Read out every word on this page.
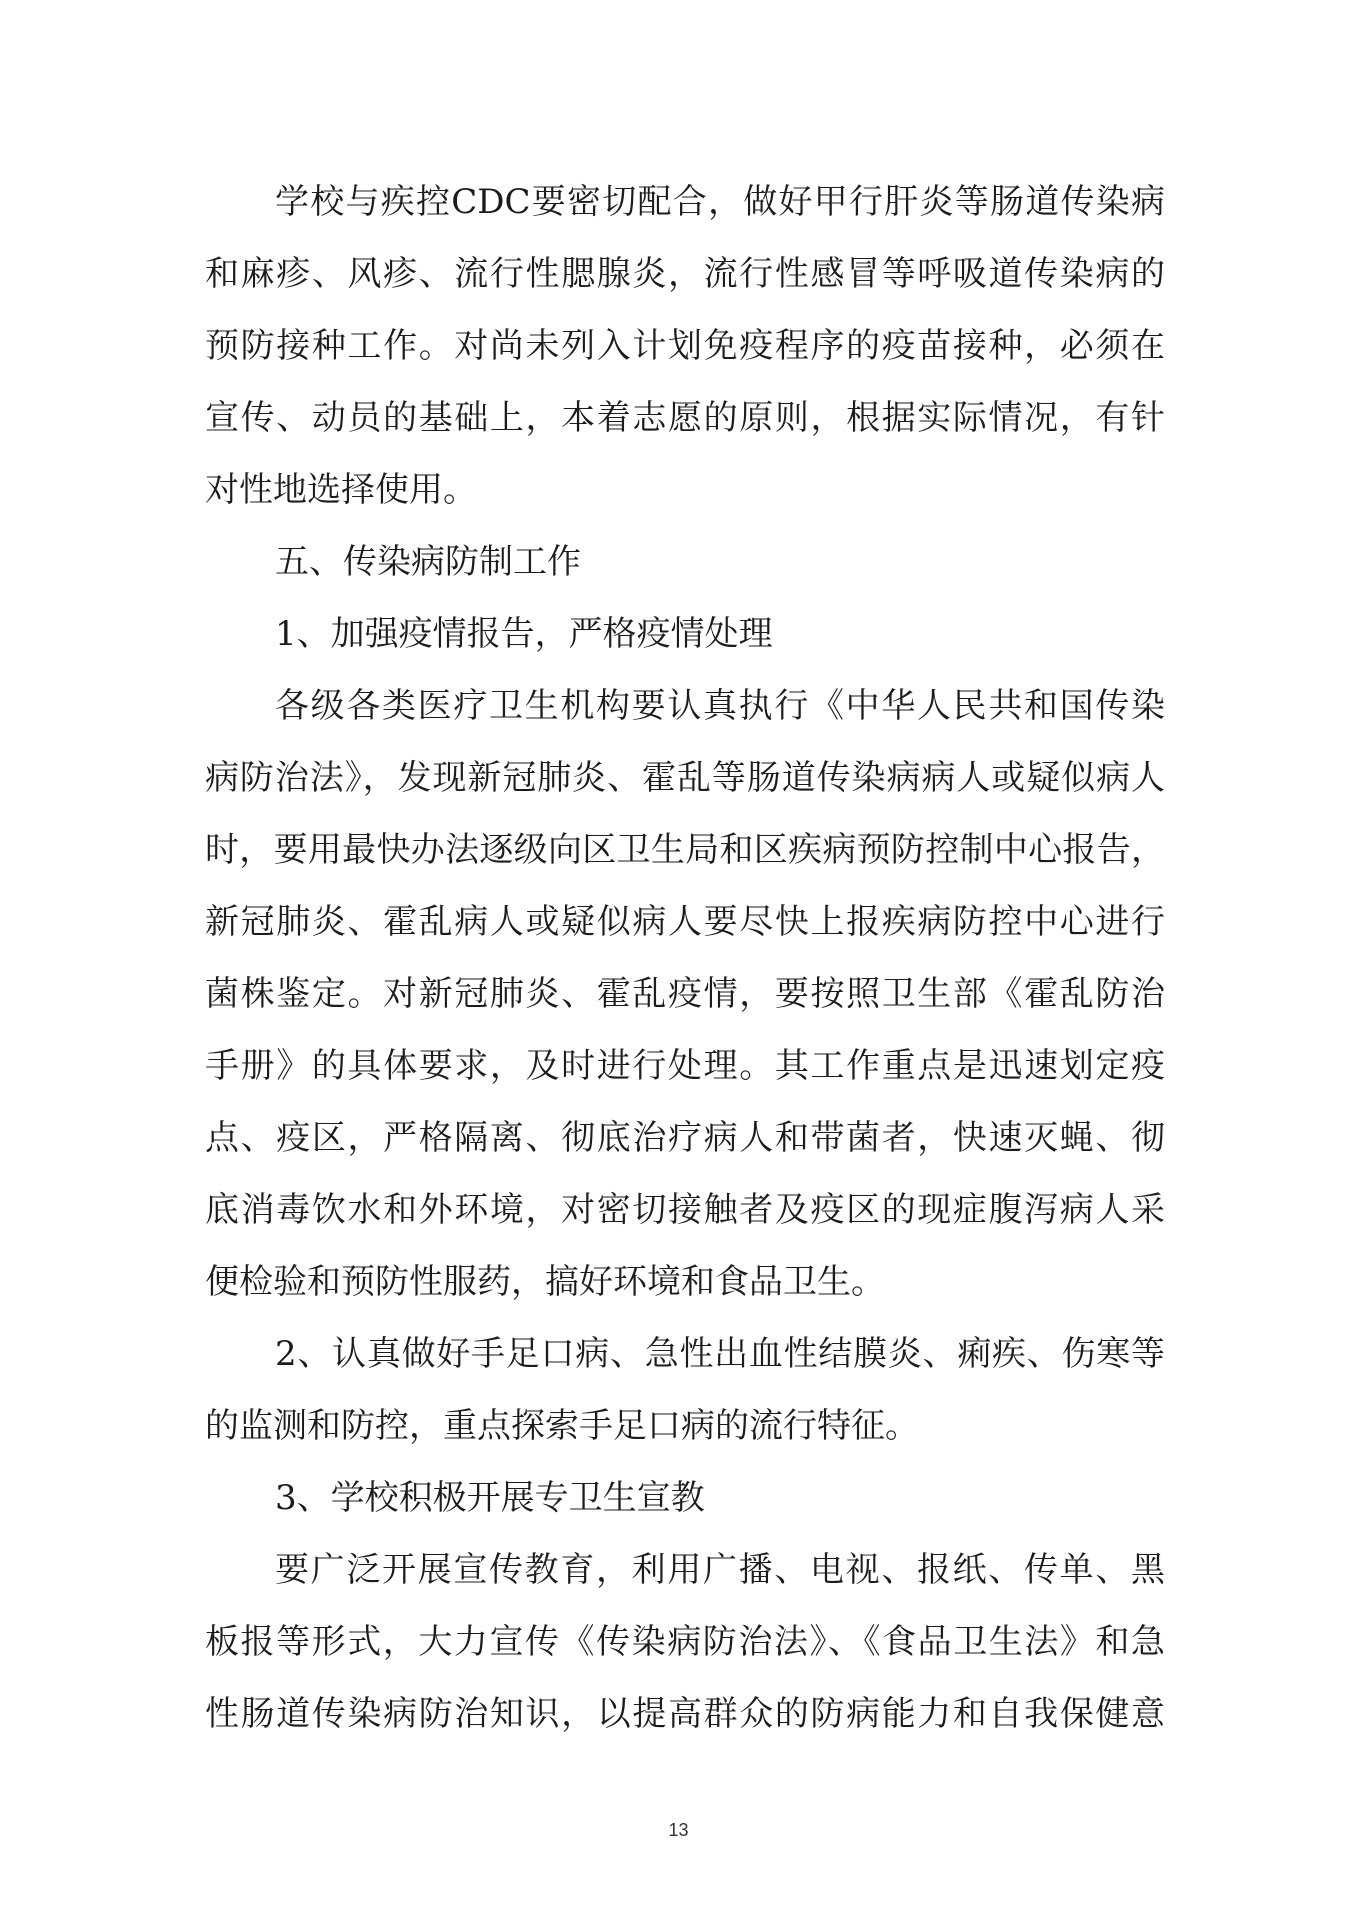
学校与疾控CDC要密切配合，做好甲行肝炎等肠道传染病

和麻疹、风疹、流行性腮腺炎，流行性感冒等呼吸道传染病的

预防接种工作。对尚未列入计划免疫程序的疫苗接种，必须在

宣传、动员的基础上，本着志愿的原则，根据实际情况，有针

对性地选择使用。

五、传染病防制工作

1、加强疫情报告，严格疫情处理

各级各类医疗卫生机构要认真执行《中华人民共和国传染

病防治法》，发现新冠肺炎、霍乱等肠道传染病病人或疑似病人

时，要用最快办法逐级向区卫生局和区疾病预防控制中心报告，

新冠肺炎、霍乱病人或疑似病人要尽快上报疾病防控中心进行

菌株鉴定。对新冠肺炎、霍乱疫情，要按照卫生部《霍乱防治

手册》的具体要求，及时进行处理。其工作重点是迅速划定疫

点、疫区，严格隔离、彻底治疗病人和带菌者，快速灭蝇、彻

底消毒饮水和外环境，对密切接触者及疫区的现症腹泻病人采

便检验和预防性服药，搞好环境和食品卫生。

2、认真做好手足口病、急性出血性结膜炎、痢疾、伤寒等

的监测和防控，重点探索手足口病的流行特征。

3、学校积极开展专卫生宣教

要广泛开展宣传教育，利用广播、电视、报纸、传单、黑

板报等形式，大力宣传《传染病防治法》、《食品卫生法》和急

性肠道传染病防治知识，以提高群众的防病能力和自我保健意

13
